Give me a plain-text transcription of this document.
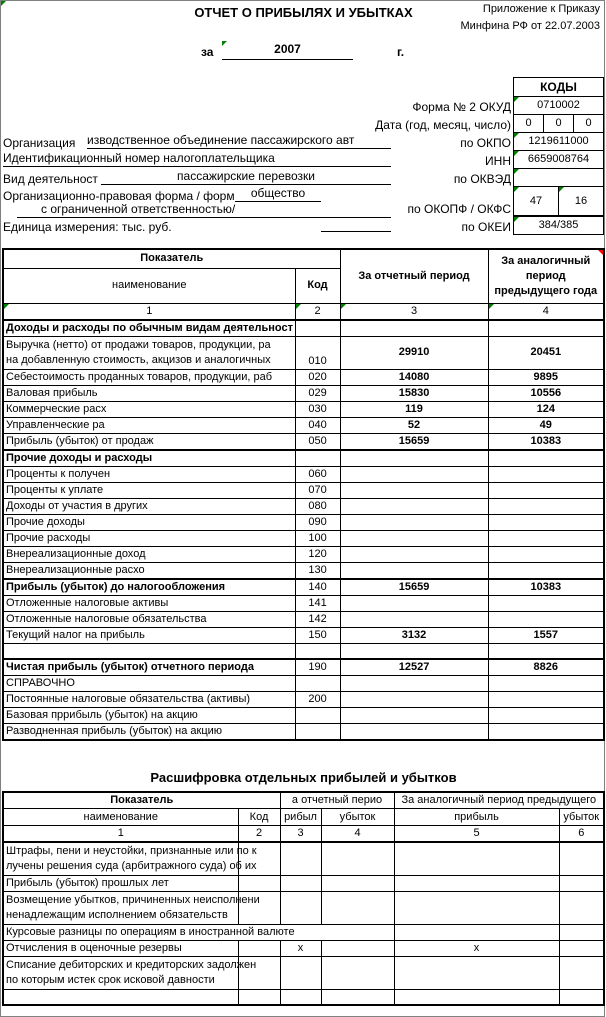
ОТЧЕТ О ПРИБЫЛЯХ И УБЫТКАХ	Приложение к Приказу
Минфина РФ от 22.07.2003
за	2007	г.
КОДЫ
Форма № 2 ОКУД	0710002
Дата (год, месяц, число)	0	0	0
Организация изводственное объединение пассажирского авт	по ОКПО	1219611000
Идентификационный номер налогоплательщика	ИНН	6659008764
Вид деятельност	пассажирские перевозки	по ОКВЭД
Организационно-правовая форма / форм	общество
с ограниченной ответственностью/	по ОКОПФ / ОКФС
47	16
Единица измерения: тыс. руб.	по ОКЕИ	384/385
Показатель		За отчетный период	За аналогичный период предыдущего года
наименование	Код		

1	2	3	4
Доходы и расходы по обычным видам деятельност			

Выручка (нетто) от продажи товаров, продукции, ра
на добавленную стоимость, акцизов и аналогичных	010	29910	20451
Себестоимость проданных товаров, продукции, раб	020	14080	9895
Валовая прибыль	029	15830	10556
Коммерческие расх	030	119	124
Управленческие ра	040	52	49
Прибыль (убыток) от продаж	050	15659	10383
Прочие доходы и расходы			
Проценты к получен	060		
Проценты к уплате	070		
Доходы от участия в других	080		
Прочие доходы	090		
Прочие расходы	100		
Внереализационные доход	120		
Внереализационные расхо	130		
Прибыль (убыток) до налогообложения	140	15659	10383
Отложенные налоговые активы	141		
Отложенные налоговые обязательства	142		
Текущий налог на прибыль	150	3132	1557

Чистая прибыль (убыток) отчетного периода	190	12527	8826
СПРАВОЧНО			
Постоянные налоговые обязательства (активы)	200		
Базовая пррибыль (убыток) на акцию			
Разводненная прибыль (убыток) на акцию			
Расшифровка отдельных прибылей и убытков
Показатель		а отчетный перио		За аналогичный период предыдущего	
наименование	Код	рибыл	убыток	прибыль	убыток
1	2	3	4	5	6

Штрафы, пени и неустойки, признанные или по к
лучены решения суда (арбитражного суда) об их					

Прибыль (убыток) прошлых лет					

Возмещение убытков, причиненных неисполнени
ненадлежащим исполнением обязательств					

Курсовые разницы по операциям в иностранной валюте					
Отчисления в оценочные резервы		х		х	

Списание дебиторских и кредиторских задолжен
по которым истек срок исковой давности					
